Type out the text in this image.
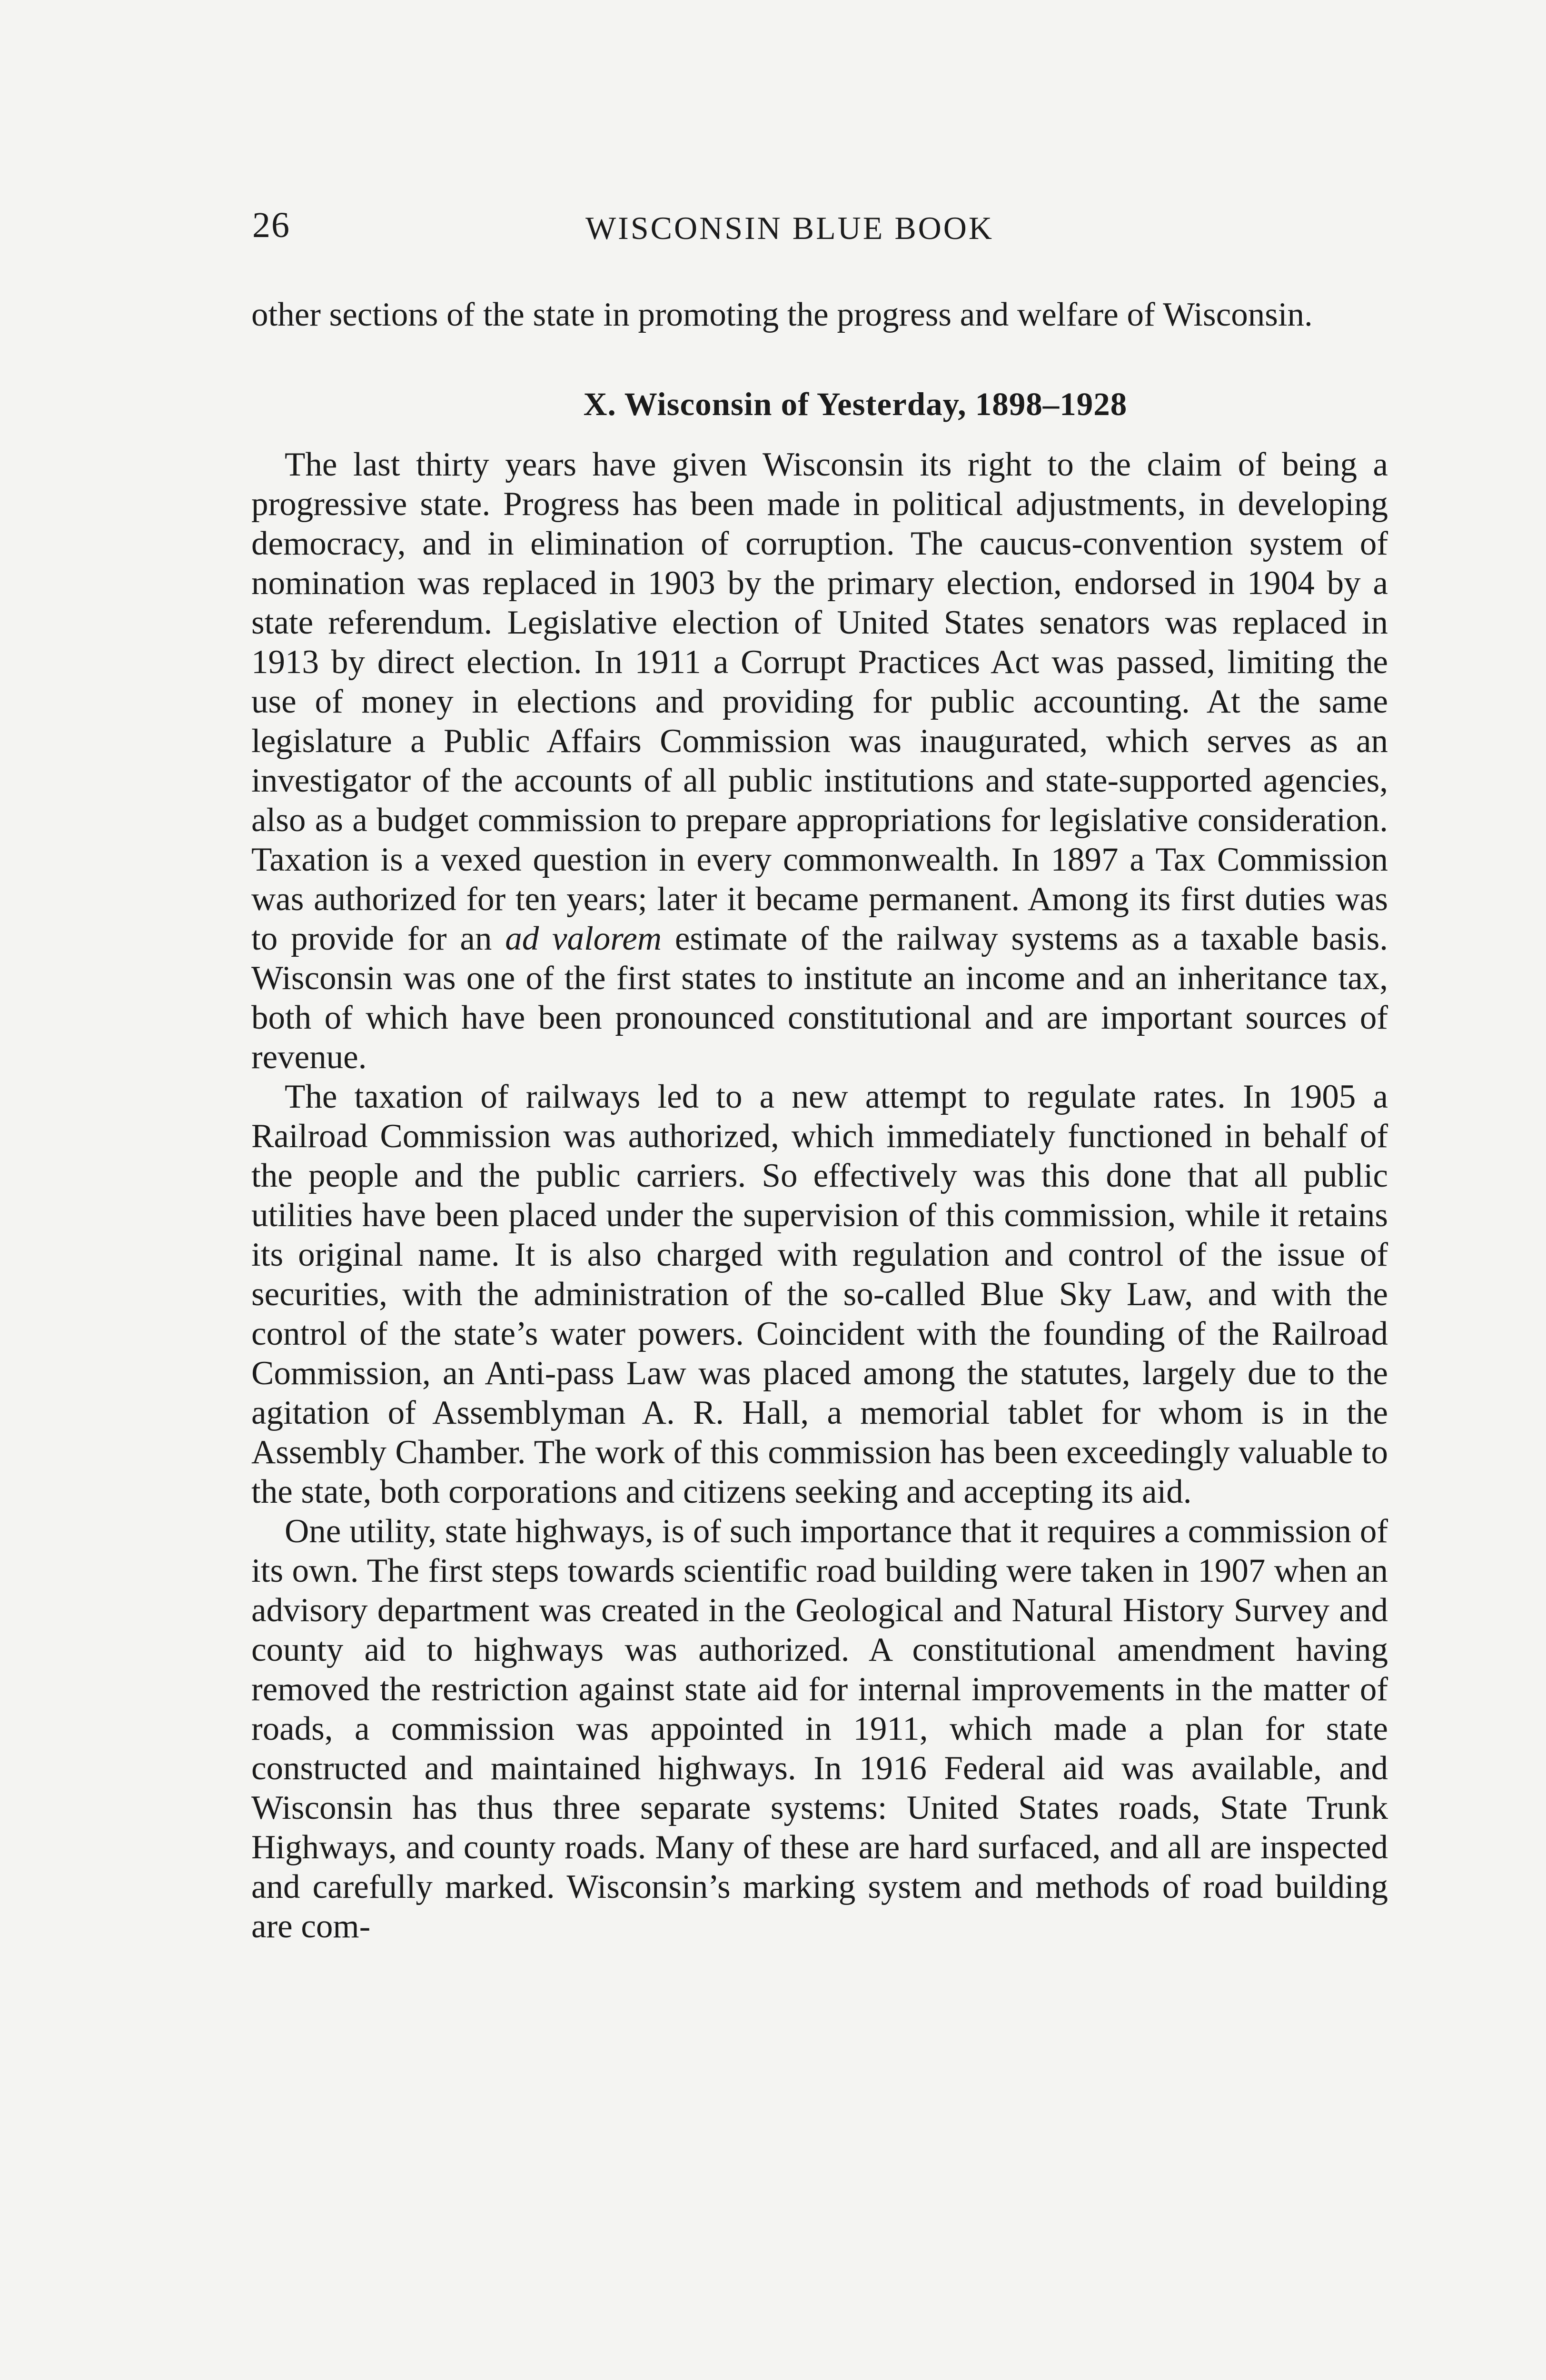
26	WISCONSIN BLUE BOOK

other sections of the state in promoting the progress and welfare of Wisconsin.

X. Wisconsin of Yesterday, 1898–1928

The last thirty years have given Wisconsin its right to the claim of being a progressive state. Progress has been made in political adjustments, in developing democracy, and in elimination of corruption. The caucus-convention system of nomination was replaced in 1903 by the primary election, endorsed in 1904 by a state referendum. Legislative election of United States senators was replaced in 1913 by direct election. In 1911 a Corrupt Practices Act was passed, limiting the use of money in elections and providing for public accounting. At the same legislature a Public Affairs Commission was inaugurated, which serves as an investigator of the accounts of all public institutions and state-supported agencies, also as a budget commission to prepare appropriations for legislative consideration. Taxation is a vexed question in every commonwealth. In 1897 a Tax Commission was authorized for ten years; later it became permanent. Among its first duties was to provide for an ad valorem estimate of the railway systems as a taxable basis. Wisconsin was one of the first states to institute an income and an inheritance tax, both of which have been pronounced constitutional and are important sources of revenue.

The taxation of railways led to a new attempt to regulate rates. In 1905 a Railroad Commission was authorized, which immediately functioned in behalf of the people and the public carriers. So effectively was this done that all public utilities have been placed under the supervision of this commission, while it retains its original name. It is also charged with regulation and control of the issue of securities, with the administration of the so-called Blue Sky Law, and with the control of the state’s water powers. Coincident with the founding of the Railroad Commission, an Anti-pass Law was placed among the statutes, largely due to the agitation of Assemblyman A. R. Hall, a memorial tablet for whom is in the Assembly Chamber. The work of this commission has been exceedingly valuable to the state, both corporations and citizens seeking and accepting its aid.

One utility, state highways, is of such importance that it requires a commission of its own. The first steps towards scientific road building were taken in 1907 when an advisory department was created in the Geological and Natural History Survey and county aid to highways was authorized. A constitutional amendment having removed the restriction against state aid for internal improvements in the matter of roads, a commission was appointed in 1911, which made a plan for state constructed and maintained highways. In 1916 Federal aid was available, and Wisconsin has thus three separate systems: United States roads, State Trunk Highways, and county roads. Many of these are hard surfaced, and all are inspected and carefully marked. Wisconsin’s marking system and methods of road building are com-
